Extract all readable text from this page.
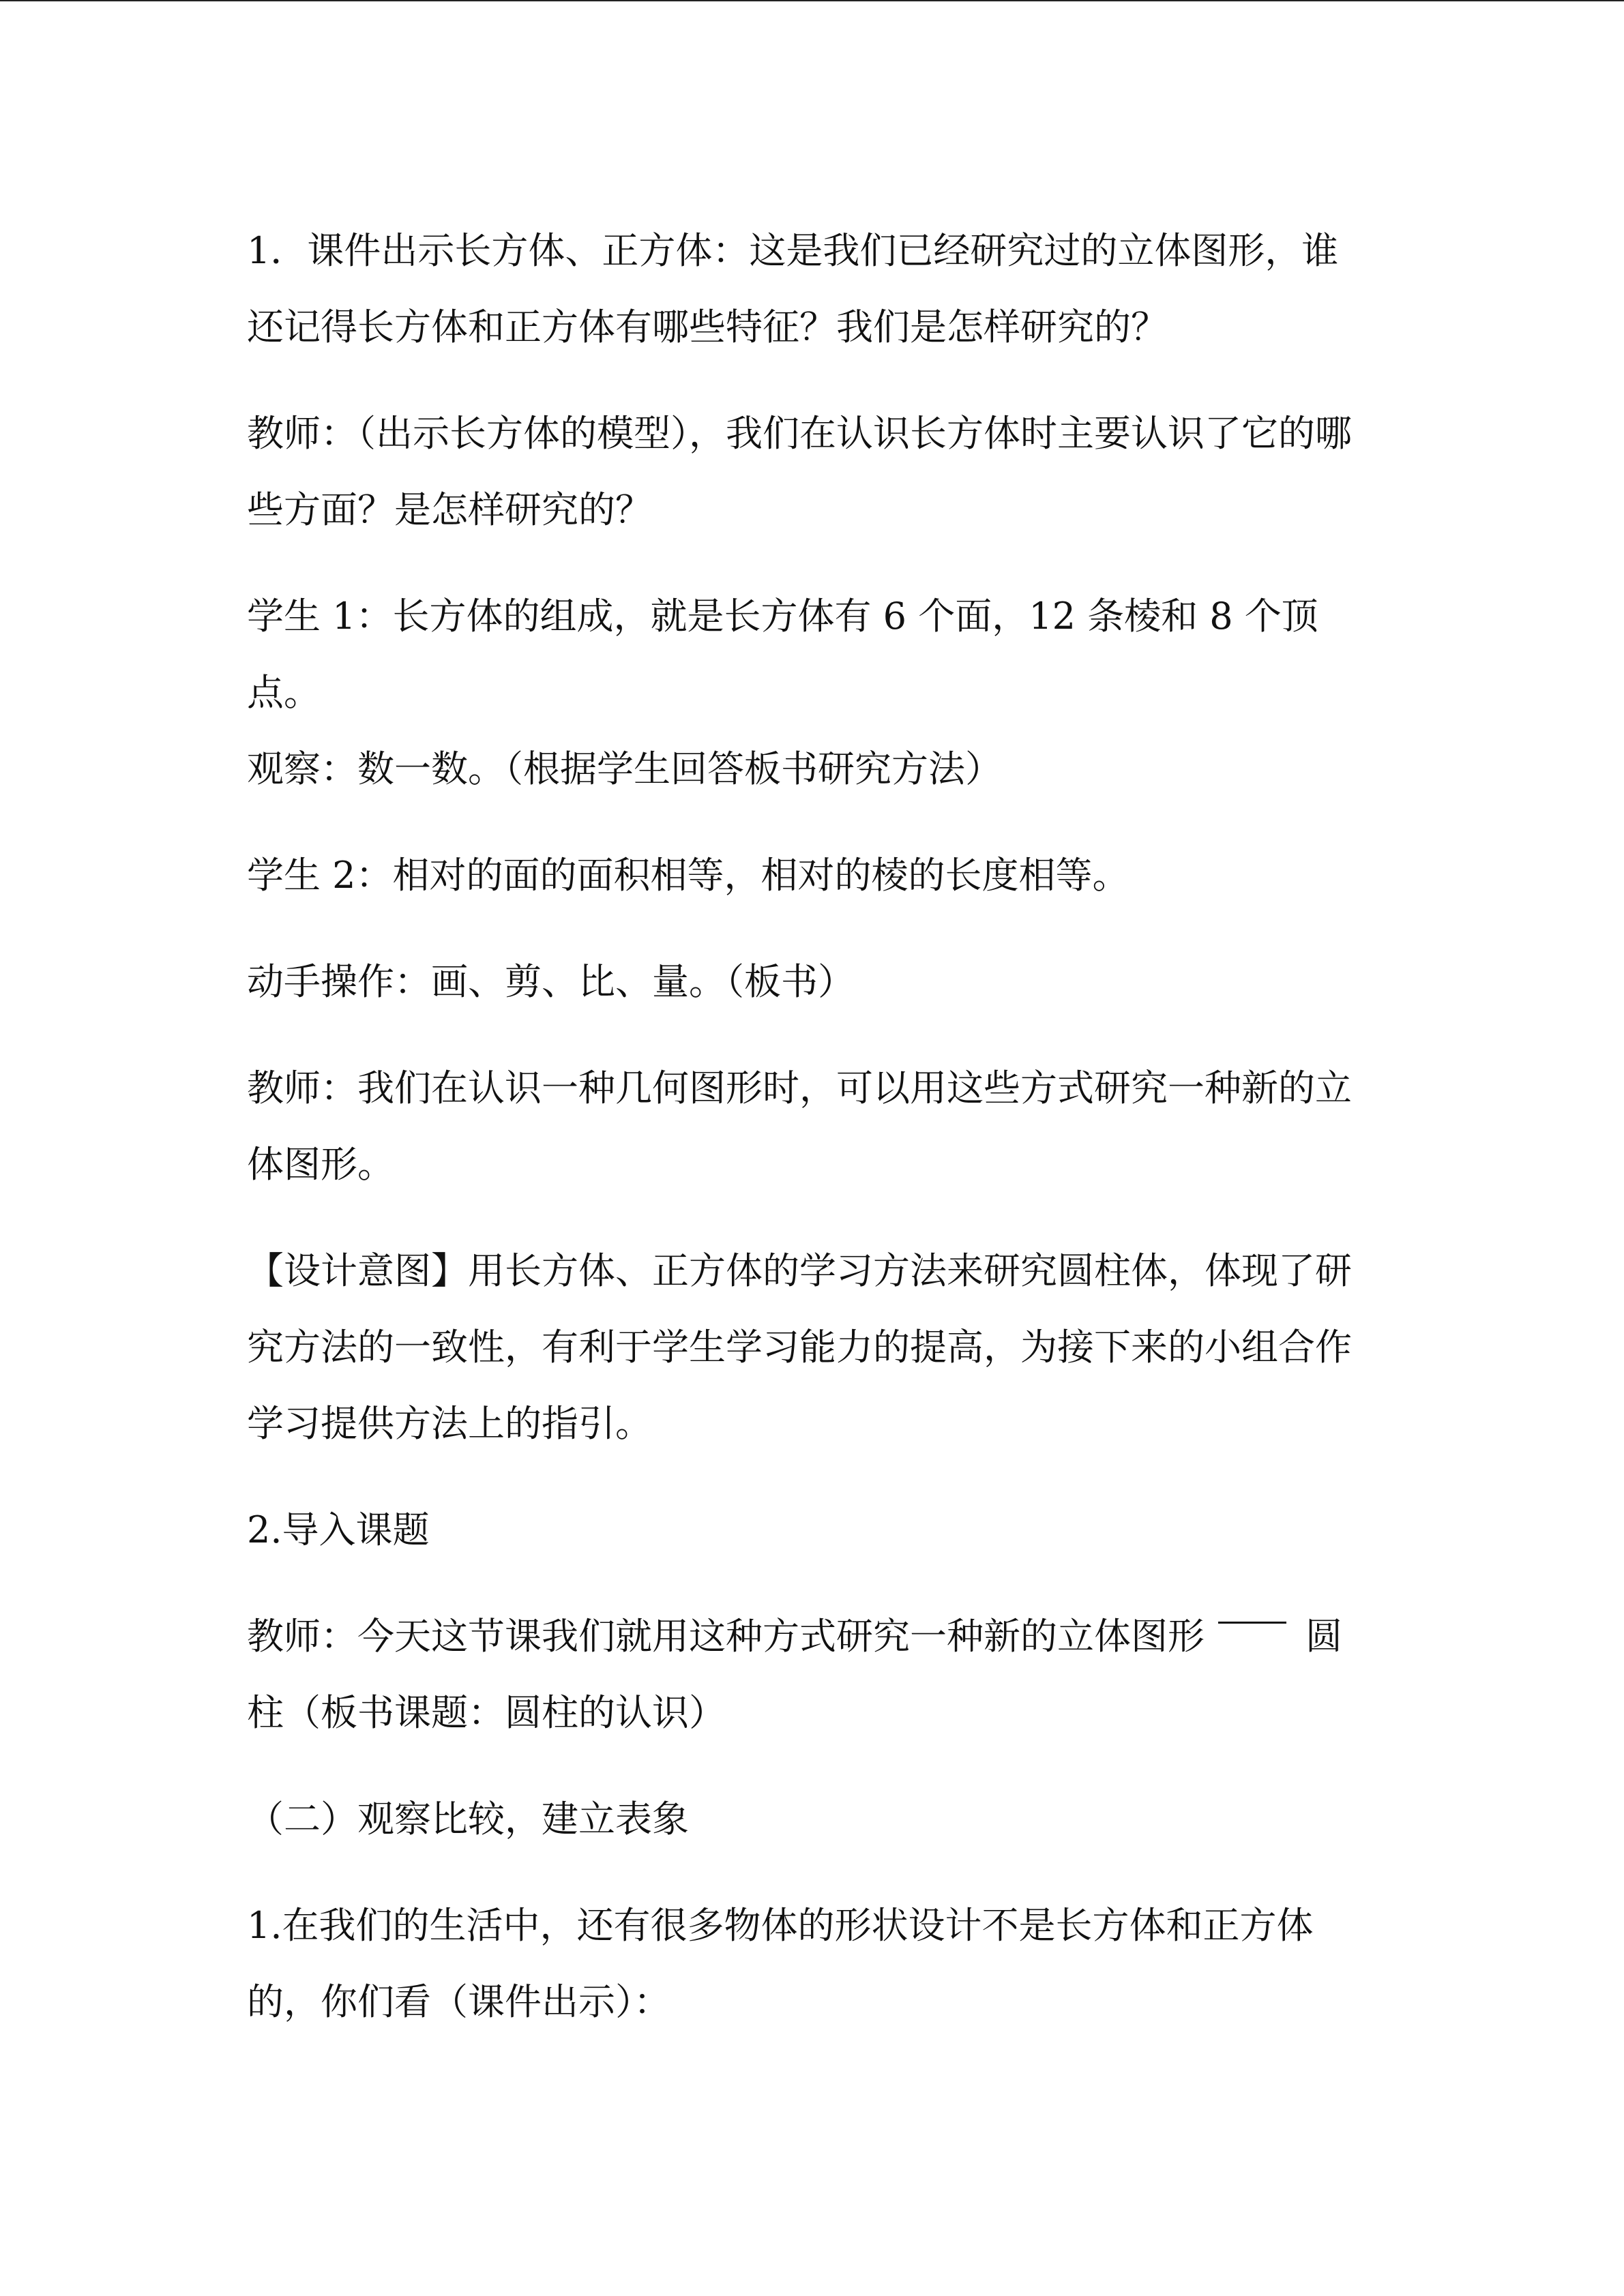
1．课件出示长方体、正方体：这是我们已经研究过的立体图形，谁还记得长方体和正方体有哪些特征？我们是怎样研究的？

教师：（出示长方体的模型），我们在认识长方体时主要认识了它的哪些方面？是怎样研究的？

学生 1：长方体的组成，就是长方体有 6 个面，12 条棱和 8 个顶点。

观察：数一数。（根据学生回答板书研究方法）

学生 2：相对的面的面积相等，相对的棱的长度相等。

动手操作：画、剪、比、量。（板书）

教师：我们在认识一种几何图形时，可以用这些方式研究一种新的立体图形。

【设计意图】用长方体、正方体的学习方法来研究圆柱体，体现了研究方法的一致性，有利于学生学习能力的提高，为接下来的小组合作学习提供方法上的指引。

2.导入课题

教师：今天这节课我们就用这种方式研究一种新的立体图形	圆柱（板书课题：圆柱的认识）

（二）观察比较，建立表象

1.在我们的生活中，还有很多物体的形状设计不是长方体和正方体的，你们看（课件出示）：
